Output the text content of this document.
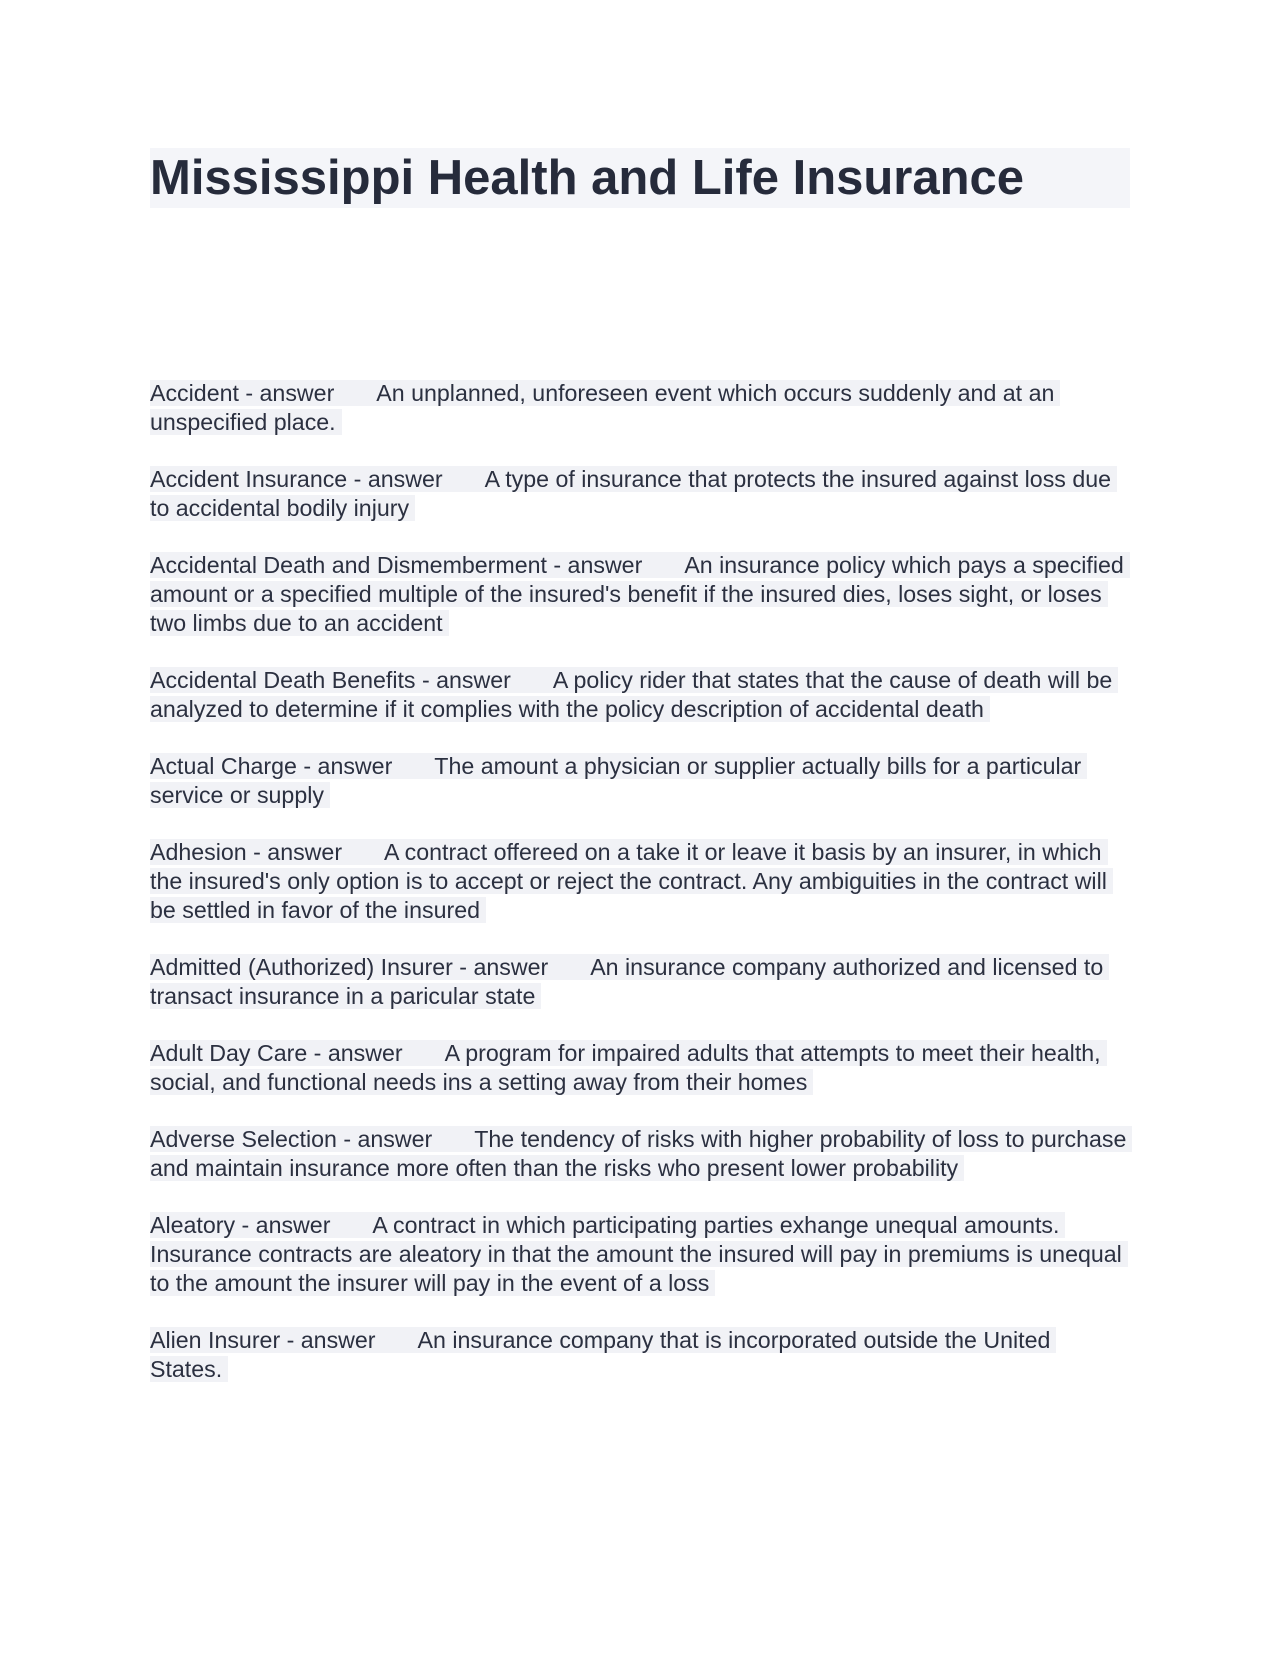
Mississippi Health and Life Insurance

Accident - answer An unplanned, unforeseen event which occurs suddenly and at an unspecified place.

Accident Insurance - answer A type of insurance that protects the insured against loss due to accidental bodily injury

Accidental Death and Dismemberment - answer An insurance policy which pays a specified amount or a specified multiple of the insured's benefit if the insured dies, loses sight, or loses two limbs due to an accident

Accidental Death Benefits - answer A policy rider that states that the cause of death will be analyzed to determine if it complies with the policy description of accidental death

Actual Charge - answer The amount a physician or supplier actually bills for a particular service or supply

Adhesion - answer A contract offereed on a take it or leave it basis by an insurer, in which the insured's only option is to accept or reject the contract. Any ambiguities in the contract will be settled in favor of the insured

Admitted (Authorized) Insurer - answer An insurance company authorized and licensed to transact insurance in a paricular state

Adult Day Care - answer A program for impaired adults that attempts to meet their health, social, and functional needs ins a setting away from their homes

Adverse Selection - answer The tendency of risks with higher probability of loss to purchase and maintain insurance more often than the risks who present lower probability

Aleatory - answer A contract in which participating parties exhange unequal amounts. Insurance contracts are aleatory in that the amount the insured will pay in premiums is unequal to the amount the insurer will pay in the event of a loss

Alien Insurer - answer An insurance company that is incorporated outside the United States.
